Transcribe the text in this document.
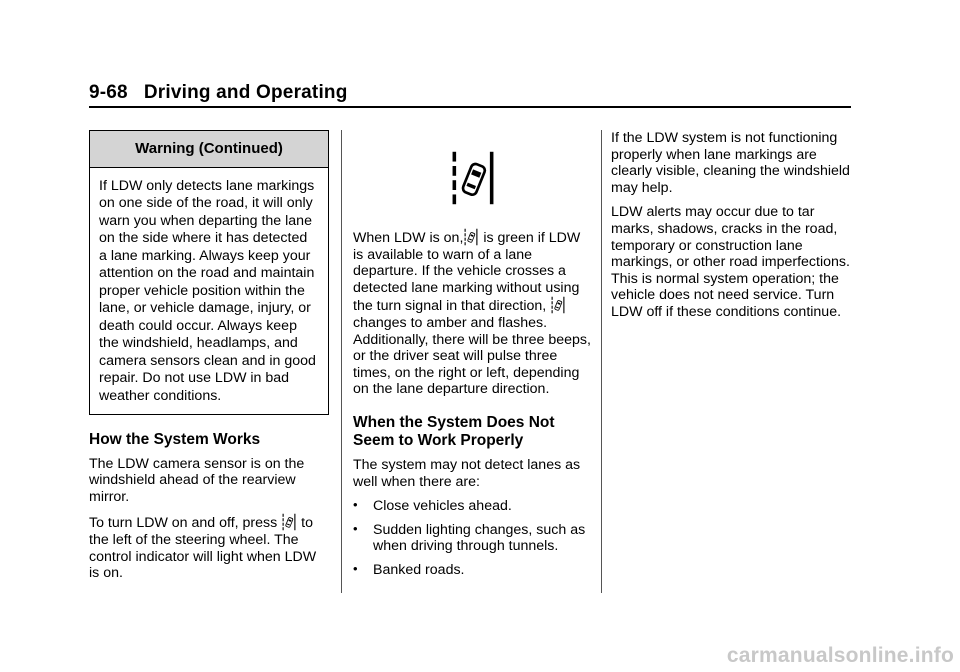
9-68 Driving and Operating
Warning (Continued)
If LDW only detects lane markings on one side of the road, it will only warn you when departing the lane on the side where it has detected a lane marking. Always keep your attention on the road and maintain proper vehicle position within the lane, or vehicle damage, injury, or death could occur. Always keep the windshield, headlamps, and camera sensors clean and in good repair. Do not use LDW in bad weather conditions.
How the System Works

The LDW camera sensor is on the windshield ahead of the rearview mirror.

To turn LDW on and off, press to the left of the steering wheel. The control indicator will light when LDW is on.

When LDW is on, is green if LDW is available to warn of a lane departure. If the vehicle crosses a detected lane marking without using the turn signal in that direction,  changes to amber and flashes. Additionally, there will be three beeps, or the driver seat will pulse three times, on the right or left, depending on the lane departure direction.

When the System Does Not Seem to Work Properly

The system may not detect lanes as well when there are:

• Close vehicles ahead.
• Sudden lighting changes, such as when driving through tunnels.
• Banked roads.

If the LDW system is not functioning properly when lane markings are clearly visible, cleaning the windshield may help.

LDW alerts may occur due to tar marks, shadows, cracks in the road, temporary or construction lane markings, or other road imperfections. This is normal system operation; the vehicle does not need service. Turn LDW off if these conditions continue.

carmanualsonline.info
